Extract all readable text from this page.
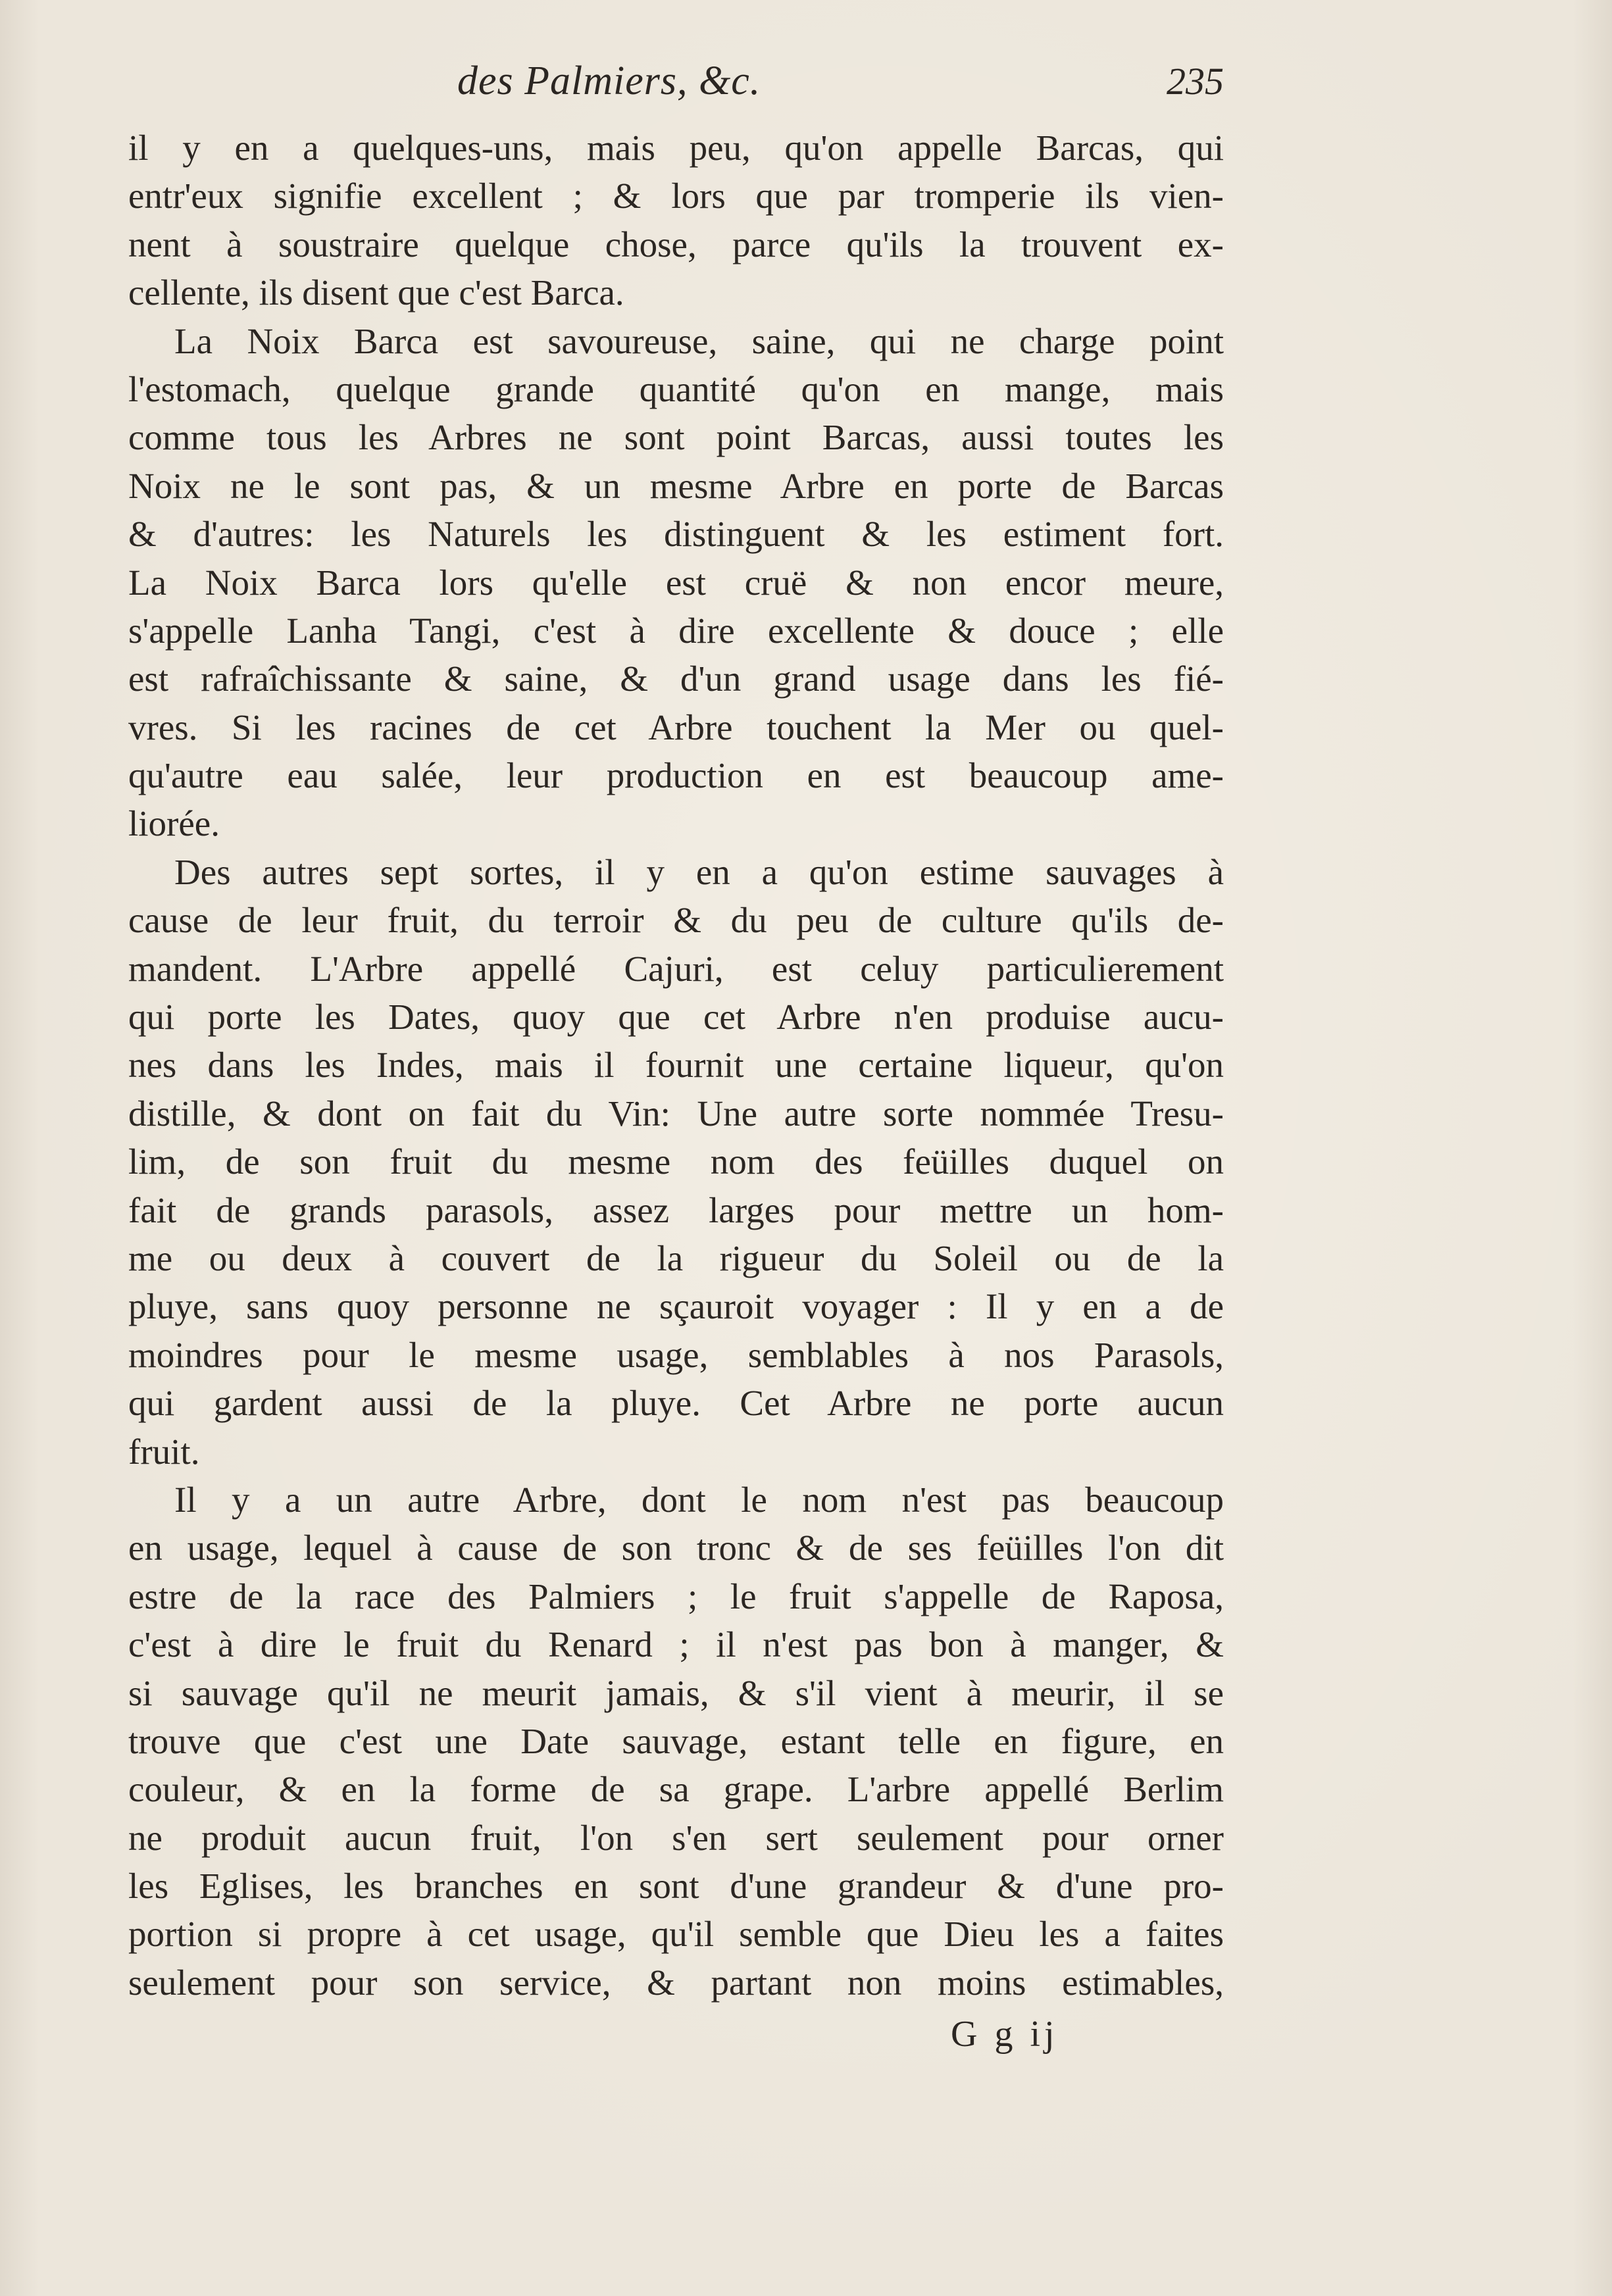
des Palmiers, &c.	235
il y en a quelques-uns, mais peu, qu'on appelle Barcas, qui
entr'eux signifie excellent ; & lors que par tromperie ils vien-
nent à soustraire quelque chose, parce qu'ils la trouvent ex-
cellente, ils disent que c'est Barca.
La Noix Barca est savoureuse, saine, qui ne charge point
l'estomach, quelque grande quantité qu'on en mange, mais
comme tous les Arbres ne sont point Barcas, aussi toutes les
Noix ne le sont pas, & un mesme Arbre en porte de Barcas
& d'autres: les Naturels les distinguent & les estiment fort.
La Noix Barca lors qu'elle est cruë & non encor meure,
s'appelle Lanha Tangi, c'est à dire excellente & douce ; elle
est rafraîchissante & saine, & d'un grand usage dans les fié-
vres. Si les racines de cet Arbre touchent la Mer ou quel-
qu'autre eau salée, leur production en est beaucoup ame-
liorée.
Des autres sept sortes, il y en a qu'on estime sauvages à
cause de leur fruit, du terroir & du peu de culture qu'ils de-
mandent. L'Arbre appellé Cajuri, est celuy particulierement
qui porte les Dates, quoy que cet Arbre n'en produise aucu-
nes dans les Indes, mais il fournit une certaine liqueur, qu'on
distille, & dont on fait du Vin: Une autre sorte nommée Tresu-
lim, de son fruit du mesme nom des feüilles duquel on
fait de grands parasols, assez larges pour mettre un hom-
me ou deux à couvert de la rigueur du Soleil ou de la
pluye, sans quoy personne ne sçauroit voyager : Il y en a de
moindres pour le mesme usage, semblables à nos Parasols,
qui gardent aussi de la pluye. Cet Arbre ne porte aucun
fruit.
Il y a un autre Arbre, dont le nom n'est pas beaucoup
en usage, lequel à cause de son tronc & de ses feüilles l'on dit
estre de la race des Palmiers ; le fruit s'appelle de Raposa,
c'est à dire le fruit du Renard ; il n'est pas bon à manger, &
si sauvage qu'il ne meurit jamais, & s'il vient à meurir, il se
trouve que c'est une Date sauvage, estant telle en figure, en
couleur, & en la forme de sa grape. L'arbre appellé Berlim
ne produit aucun fruit, l'on s'en sert seulement pour orner
les Eglises, les branches en sont d'une grandeur & d'une pro-
portion si propre à cet usage, qu'il semble que Dieu les a faites
seulement pour son service, & partant non moins estimables,
G g ij
